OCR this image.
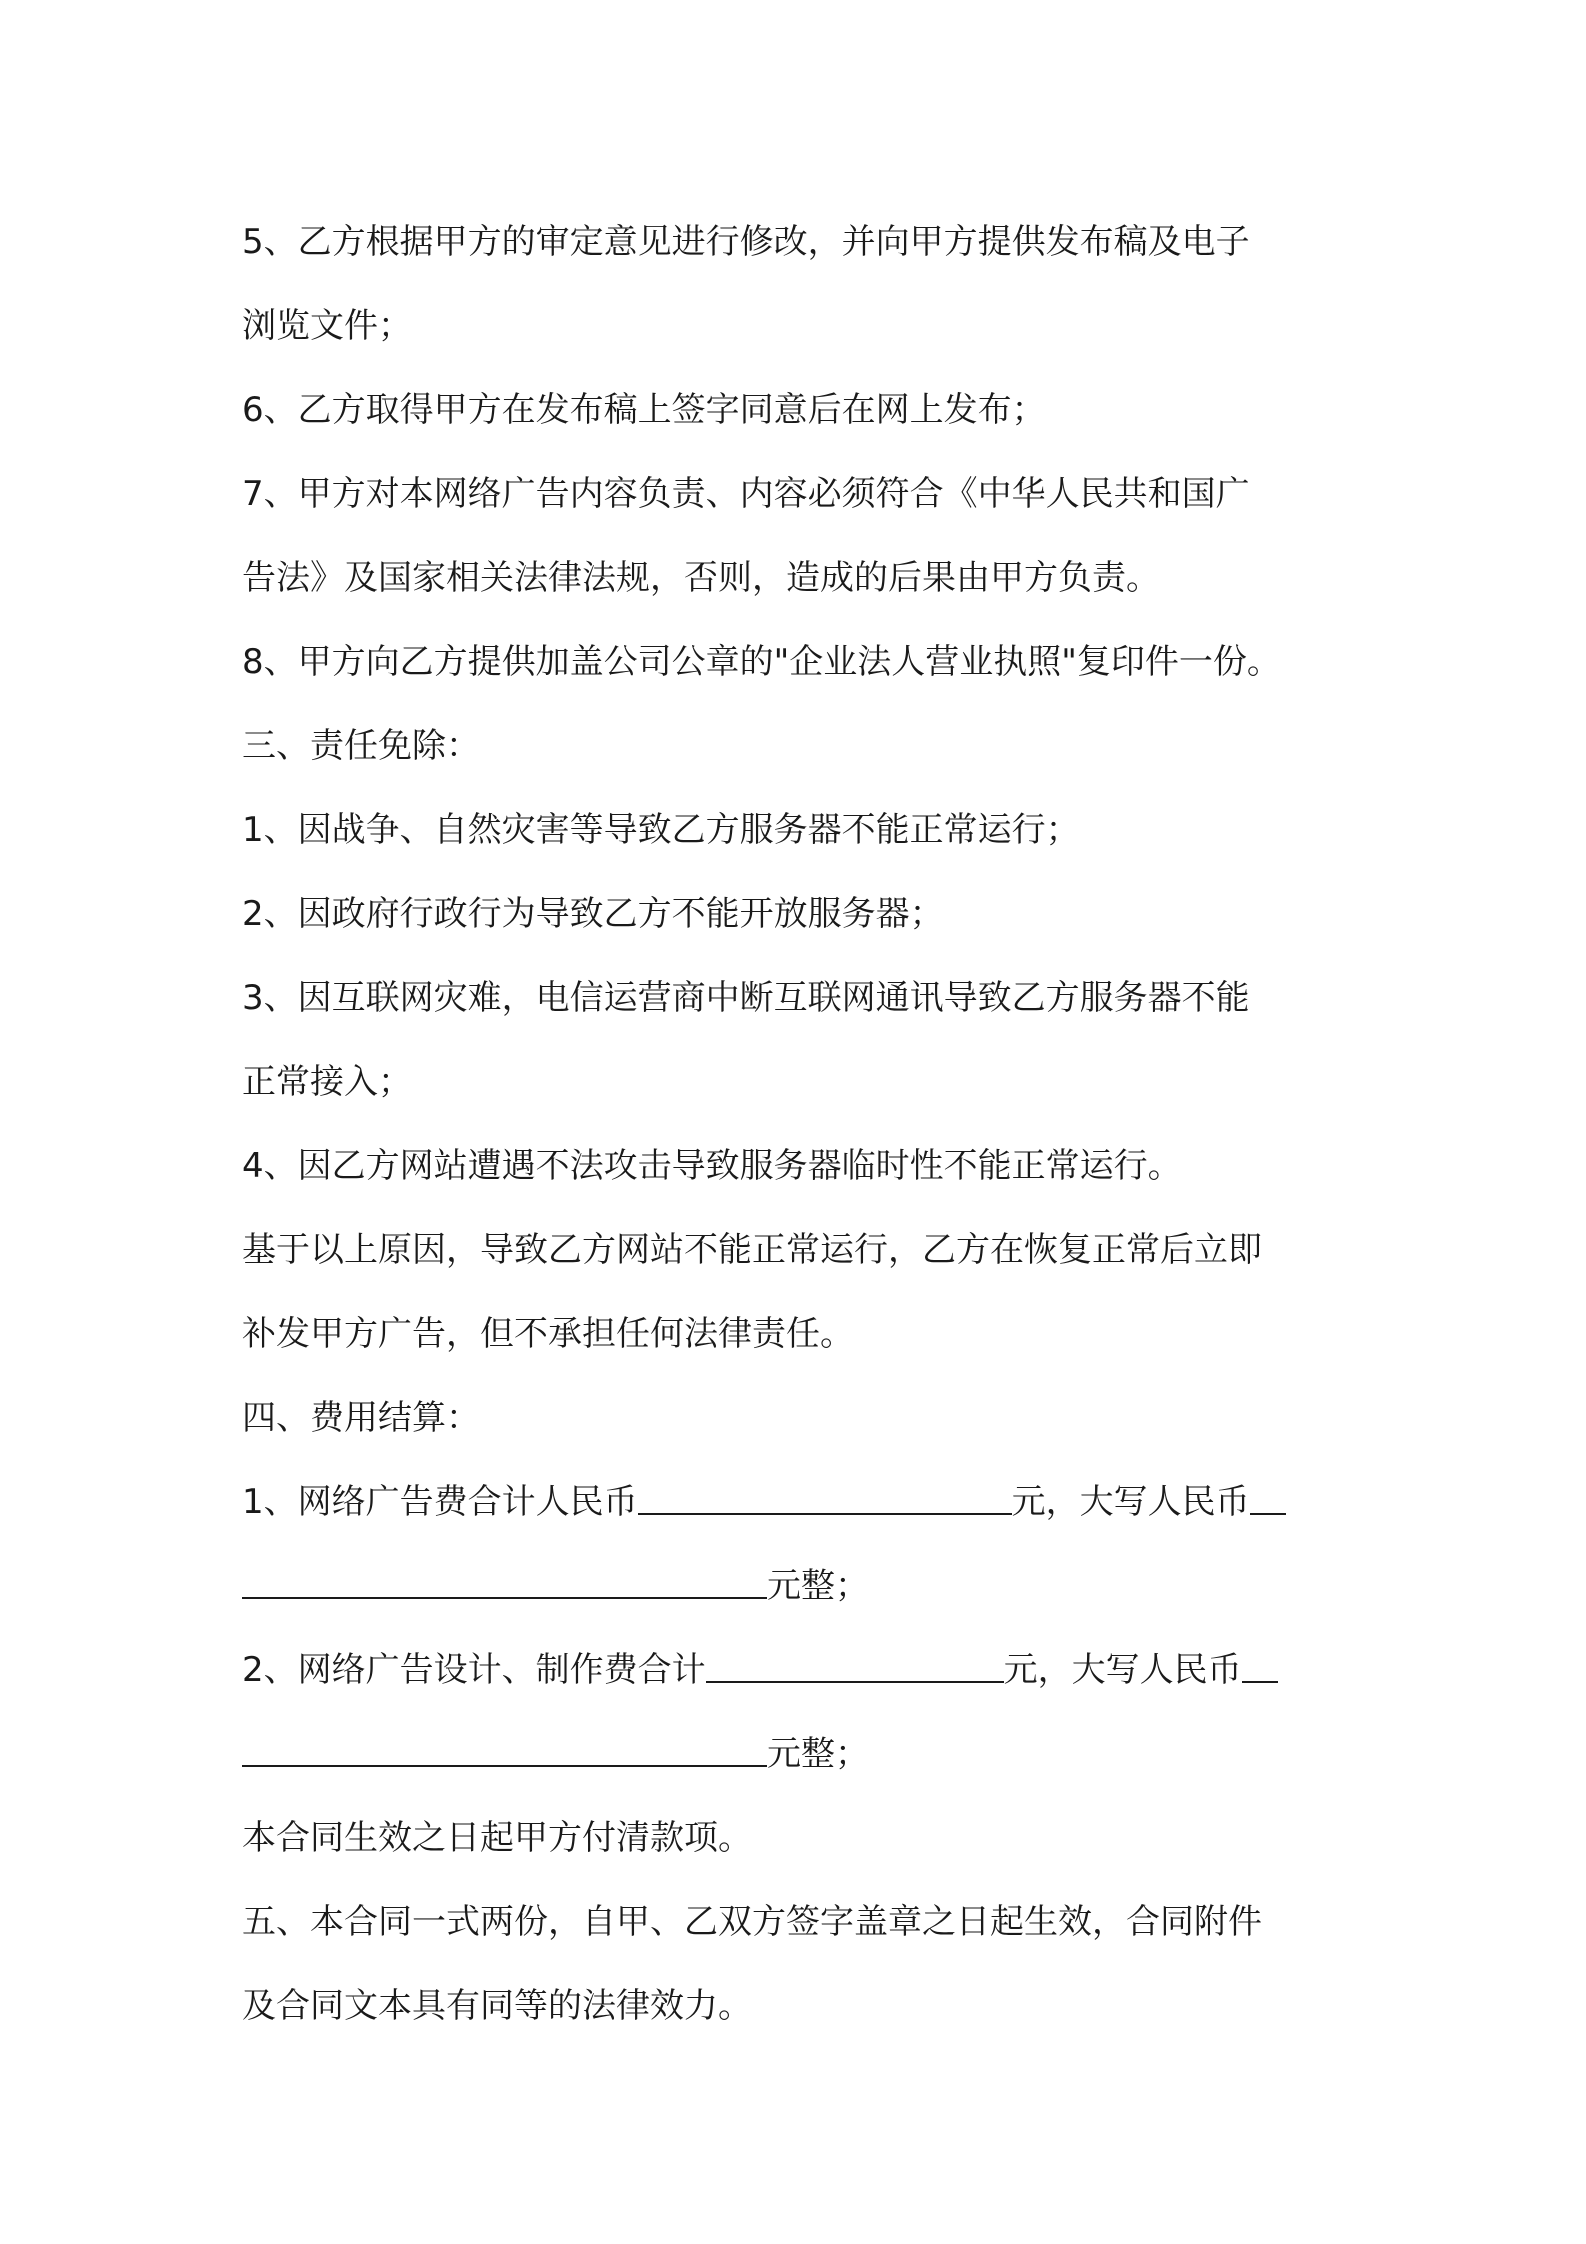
5、乙方根据甲方的审定意见进行修改，并向甲方提供发布稿及电子
浏览文件；
6、乙方取得甲方在发布稿上签字同意后在网上发布；
7、甲方对本网络广告内容负责、内容必须符合《中华人民共和国广
告法》及国家相关法律法规，否则，造成的后果由甲方负责。
8、甲方向乙方提供加盖公司公章的"企业法人营业执照"复印件一份。
三、责任免除：
1、因战争、自然灾害等导致乙方服务器不能正常运行；
2、因政府行政行为导致乙方不能开放服务器；
3、因互联网灾难，电信运营商中断互联网通讯导致乙方服务器不能
正常接入；
4、因乙方网站遭遇不法攻击导致服务器临时性不能正常运行。
基于以上原因，导致乙方网站不能正常运行，乙方在恢复正常后立即
补发甲方广告，但不承担任何法律责任。
四、费用结算：
1、网络广告费合计人民币	元，大写人民币
元整；
2、网络广告设计、制作费合计	元，大写人民币
元整；
本合同生效之日起甲方付清款项。
五、本合同一式两份，自甲、乙双方签字盖章之日起生效，合同附件
及合同文本具有同等的法律效力。
